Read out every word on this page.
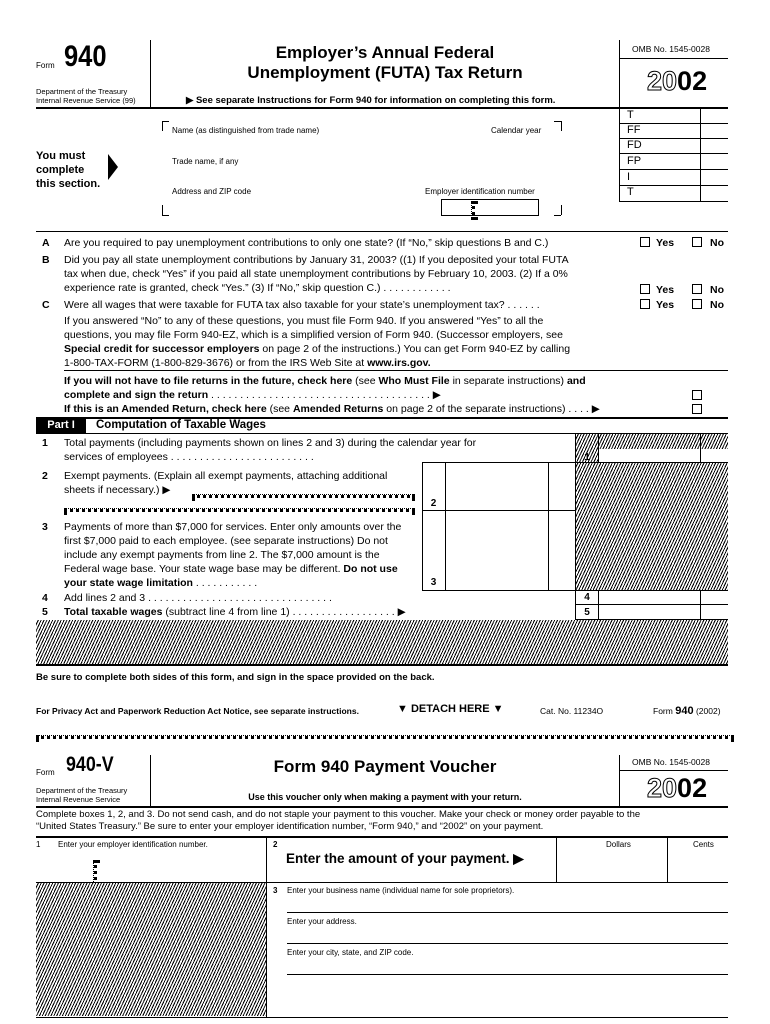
Form 940
Department of the Treasury
Internal Revenue Service (99)
Employer’s Annual Federal
Unemployment (FUTA) Tax Return
▶ See separate Instructions for Form 940 for information on completing this form.
OMB No. 1545-0028
2002
T
FF
FD
FP
I
T
You must
complete
this section.
Name (as distinguished from trade name)	Calendar year
Trade name, if any
Address and ZIP code	Employer identification number
A Are you required to pay unemployment contributions to only one state? (If “No,” skip questions B and C.)	Yes	No
B Did you pay all state unemployment contributions by January 31, 2003? ((1) If you deposited your total FUTA
tax when due, check “Yes” if you paid all state unemployment contributions by February 10, 2003. (2) If a 0%
experience rate is granted, check “Yes.” (3) If “No,” skip question C.) . . . . . . . . . . . .	Yes	No
C Were all wages that were taxable for FUTA tax also taxable for your state’s unemployment tax? . . . . . .	Yes	No
If you answered “No” to any of these questions, you must file Form 940. If you answered “Yes” to all the
questions, you may file Form 940-EZ, which is a simplified version of Form 940. (Successor employers, see
Special credit for successor employers on page 2 of the instructions.) You can get Form 940-EZ by calling
1-800-TAX-FORM (1-800-829-3676) or from the IRS Web Site at www.irs.gov.
If you will not have to file returns in the future, check here (see Who Must File in separate instructions) and
complete and sign the return . . . . . . . . . . . . . . . . . . . . . . . . . . . . . . . . . . . . . . ▶
If this is an Amended Return, check here (see Amended Returns on page 2 of the separate instructions) . . . . ▶
Part I	Computation of Taxable Wages
1 Total payments (including payments shown on lines 2 and 3) during the calendar year for
services of employees . . . . . . . . . . . . . . . . . . . . . . . . .	1
2 Exempt payments. (Explain all exempt payments, attaching additional
sheets if necessary.) ▶
2
3 Payments of more than $7,000 for services. Enter only amounts over the
first $7,000 paid to each employee. (see separate instructions) Do not
include any exempt payments from line 2. The $7,000 amount is the
Federal wage base. Your state wage base may be different. Do not use
your state wage limitation . . . . . . . . . . .	3
4 Add lines 2 and 3 . . . . . . . . . . . . . . . . . . . . . . . . . . . . . . . .	4
5 Total taxable wages (subtract line 4 from line 1) . . . . . . . . . . . . . . . . . . ▶	5
Be sure to complete both sides of this form, and sign in the space provided on the back.
For Privacy Act and Paperwork Reduction Act Notice, see separate instructions.	▼ DETACH HERE ▼	Cat. No. 11234O	Form 940 (2002)
Form 940-V
Department of the Treasury
Internal Revenue Service
Form 940 Payment Voucher
Use this voucher only when making a payment with your return.
OMB No. 1545-0028
2002
Complete boxes 1, 2, and 3. Do not send cash, and do not staple your payment to this voucher. Make your check or money order payable to the
“United States Treasury.” Be sure to enter your employer identification number, “Form 940,” and “2002” on your payment.
1 Enter your employer identification number.	2
Enter the amount of your payment. ▶
Dollars	Cents
3 Enter your business name (individual name for sole proprietors).
Enter your address.
Enter your city, state, and ZIP code.
